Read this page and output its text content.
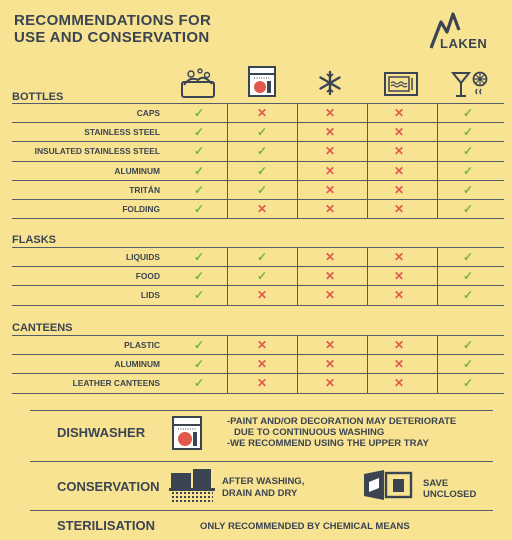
RECOMMENDATIONS FOR
USE AND CONSERVATION	LAKEN
BOTTLES
CAPS	✓	✕	✕	✕	✓
STAINLESS STEEL	✓	✓	✕	✕	✓
INSULATED STAINLESS STEEL	✓	✓	✕	✕	✓
ALUMINUM	✓	✓	✕	✕	✓
TRITÁN	✓	✓	✕	✕	✓
FOLDING	✓	✕	✕	✕	✓
FLASKS
LIQUIDS	✓	✓	✕	✕	✓
FOOD	✓	✓	✕	✕	✓
LIDS	✓	✕	✕	✕	✓
CANTEENS
PLASTIC	✓	✕	✕	✕	✓
ALUMINUM	✓	✕	✕	✕	✓
LEATHER CANTEENS	✓	✕	✕	✕	✓
DISHWASHER
-PAINT AND/OR DECORATION MAY DETERIORATE
DUE TO CONTINUOUS WASHING
-WE RECOMMEND USING THE UPPER TRAY
CONSERVATION	AFTER WASHING,
DRAIN AND DRY
SAVE
UNCLOSED
STERILISATION	ONLY RECOMMENDED BY CHEMICAL MEANS
